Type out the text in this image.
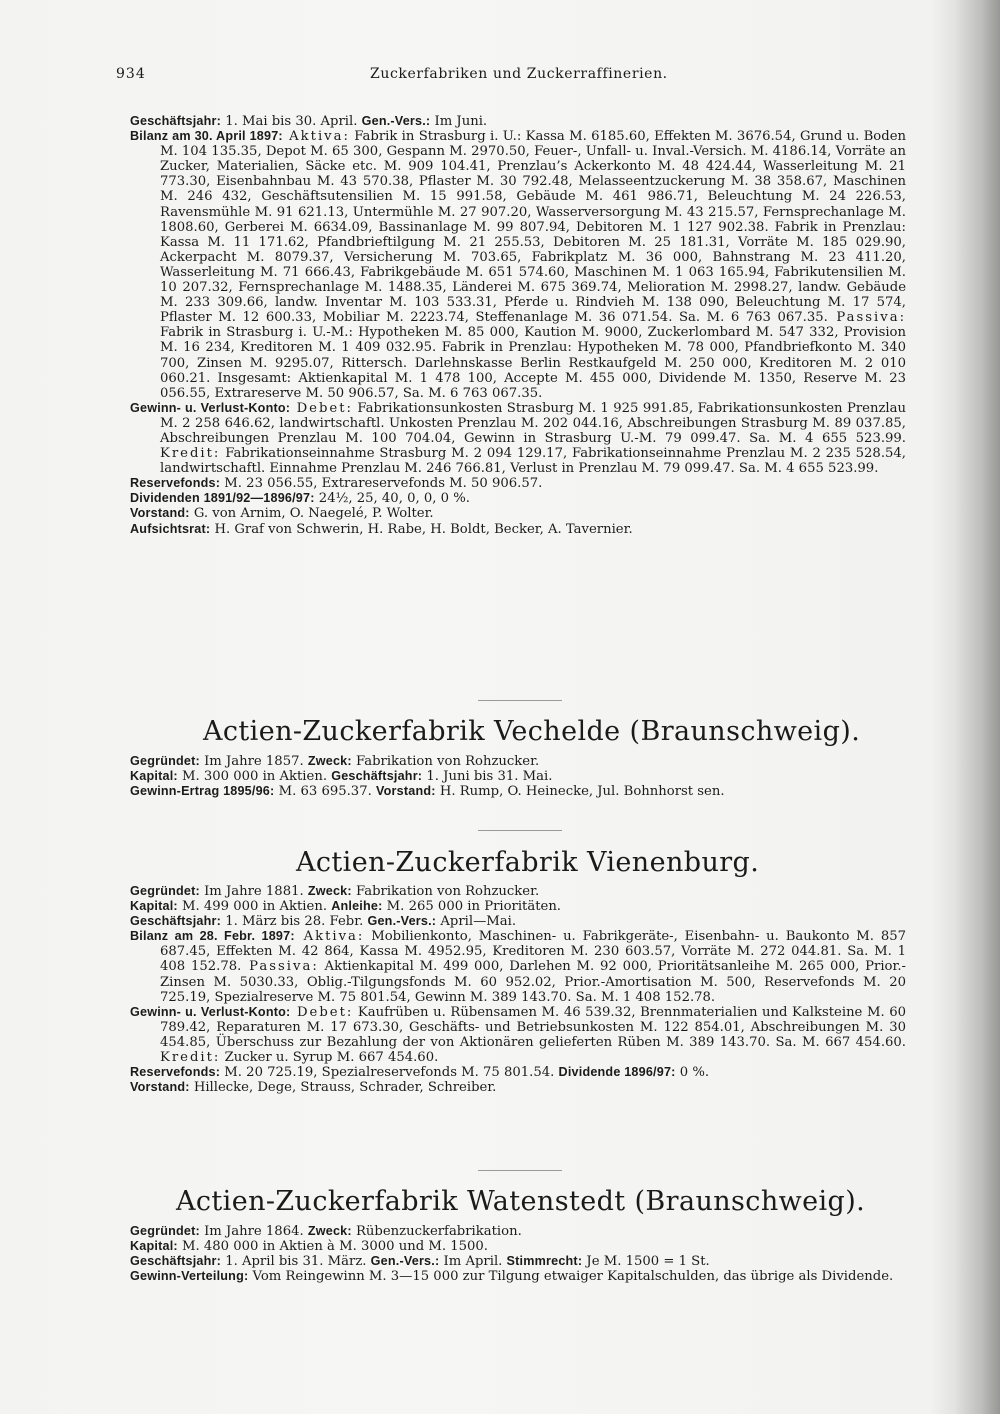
934	Zuckerfabriken und Zuckerraffinerien.

Geschäftsjahr: 1. Mai bis 30. April. Gen.-Vers.: Im Juni.

Bilanz am 30. April 1897: Aktiva: Fabrik in Strasburg i. U.: Kassa M. 6185.60, Effekten M. 3676.54, Grund u. Boden M. 104 135.35, Depot M. 65 300, Gespann M. 2970.50, Feuer-, Unfall- u. Inval.-Versich. M. 4186.14, Vorräte an Zucker, Materialien, Säcke etc. M. 909 104.41, Prenzlau’s Ackerkonto M. 48 424.44, Wasserleitung M. 21 773.30, Eisenbahnbau M. 43 570.38, Pflaster M. 30 792.48, Melasseentzuckerung M. 38 358.67, Maschinen M. 246 432, Geschäftsutensilien M. 15 991.58, Gebäude M. 461 986.71, Beleuchtung M. 24 226.53, Ravensmühle M. 91 621.13, Untermühle M. 27 907.20, Wasserversorgung M. 43 215.57, Fernsprechanlage M. 1808.60, Gerberei M. 6634.09, Bassinanlage M. 99 807.94, Debitoren M. 1 127 902.38. Fabrik in Prenzlau: Kassa M. 11 171.62, Pfandbrieftilgung M. 21 255.53, Debitoren M. 25 181.31, Vorräte M. 185 029.90, Ackerpacht M. 8079.37, Versicherung M. 703.65, Fabrikplatz M. 36 000, Bahnstrang M. 23 411.20, Wasserleitung M. 71 666.43, Fabrikgebäude M. 651 574.60, Maschinen M. 1 063 165.94, Fabrikutensilien M. 10 207.32, Fernsprechanlage M. 1488.35, Länderei M. 675 369.74, Melioration M. 2998.27, landw. Gebäude M. 233 309.66, landw. Inventar M. 103 533.31, Pferde u. Rindvieh M. 138 090, Beleuchtung M. 17 574, Pflaster M. 12 600.33, Mobiliar M. 2223.74, Steffenanlage M. 36 071.54. Sa. M. 6 763 067.35. Passiva: Fabrik in Strasburg i. U.-M.: Hypotheken M. 85 000, Kaution M. 9000, Zuckerlombard M. 547 332, Provision M. 16 234, Kreditoren M. 1 409 032.95. Fabrik in Prenzlau: Hypotheken M. 78 000, Pfandbriefkonto M. 340 700, Zinsen M. 9295.07, Rittersch. Darlehnskasse Berlin Restkaufgeld M. 250 000, Kreditoren M. 2 010 060.21. Insgesamt: Aktienkapital M. 1 478 100, Accepte M. 455 000, Dividende M. 1350, Reserve M. 23 056.55, Extrareserve M. 50 906.57, Sa. M. 6 763 067.35.

Gewinn- u. Verlust-Konto: Debet: Fabrikationsunkosten Strasburg M. 1 925 991.85, Fabrikationsunkosten Prenzlau M. 2 258 646.62, landwirtschaftl. Unkosten Prenzlau M. 202 044.16, Abschreibungen Strasburg M. 89 037.85, Abschreibungen Prenzlau M. 100 704.04, Gewinn in Strasburg U.-M. 79 099.47. Sa. M. 4 655 523.99. Kredit: Fabrikationseinnahme Strasburg M. 2 094 129.17, Fabrikationseinnahme Prenzlau M. 2 235 528.54, landwirtschaftl. Einnahme Prenzlau M. 246 766.81, Verlust in Prenzlau M. 79 099.47. Sa. M. 4 655 523.99.

Reservefonds: M. 23 056.55, Extrareservefonds M. 50 906.57.

Dividenden 1891/92—1896/97: 24½, 25, 40, 0, 0, 0 %.

Vorstand: G. von Arnim, O. Naegelé, P. Wolter.

Aufsichtsrat: H. Graf von Schwerin, H. Rabe, H. Boldt, Becker, A. Tavernier.

Actien-Zuckerfabrik Vechelde (Braunschweig).

Gegründet: Im Jahre 1857. Zweck: Fabrikation von Rohzucker.

Kapital: M. 300 000 in Aktien. Geschäftsjahr: 1. Juni bis 31. Mai.

Gewinn-Ertrag 1895/96: M. 63 695.37. Vorstand: H. Rump, O. Heinecke, Jul. Bohnhorst sen.

Actien-Zuckerfabrik Vienenburg.

Gegründet: Im Jahre 1881. Zweck: Fabrikation von Rohzucker.

Kapital: M. 499 000 in Aktien. Anleihe: M. 265 000 in Prioritäten.

Geschäftsjahr: 1. März bis 28. Febr. Gen.-Vers.: April—Mai.

Bilanz am 28. Febr. 1897: Aktiva: Mobilienkonto, Maschinen- u. Fabrikgeräte-, Eisenbahn- u. Baukonto M. 857 687.45, Effekten M. 42 864, Kassa M. 4952.95, Kreditoren M. 230 603.57, Vorräte M. 272 044.81. Sa. M. 1 408 152.78. Passiva: Aktienkapital M. 499 000, Darlehen M. 92 000, Prioritätsanleihe M. 265 000, Prior.-Zinsen M. 5030.33, Oblig.-Tilgungsfonds M. 60 952.02, Prior.-Amortisation M. 500, Reservefonds M. 20 725.19, Spezialreserve M. 75 801.54, Gewinn M. 389 143.70. Sa. M. 1 408 152.78.

Gewinn- u. Verlust-Konto: Debet: Kaufrüben u. Rübensamen M. 46 539.32, Brennmaterialien und Kalksteine M. 60 789.42, Reparaturen M. 17 673.30, Geschäfts- und Betriebsunkosten M. 122 854.01, Abschreibungen M. 30 454.85, Überschuss zur Bezahlung der von Aktionären gelieferten Rüben M. 389 143.70. Sa. M. 667 454.60. Kredit: Zucker u. Syrup M. 667 454.60.

Reservefonds: M. 20 725.19, Spezialreservefonds M. 75 801.54. Dividende 1896/97: 0 %.

Vorstand: Hillecke, Dege, Strauss, Schrader, Schreiber.

Actien-Zuckerfabrik Watenstedt (Braunschweig).

Gegründet: Im Jahre 1864. Zweck: Rübenzuckerfabrikation.

Kapital: M. 480 000 in Aktien à M. 3000 und M. 1500.

Geschäftsjahr: 1. April bis 31. März. Gen.-Vers.: Im April. Stimmrecht: Je M. 1500 = 1 St.

Gewinn-Verteilung: Vom Reingewinn M. 3—15 000 zur Tilgung etwaiger Kapitalschulden, das übrige als Dividende.
